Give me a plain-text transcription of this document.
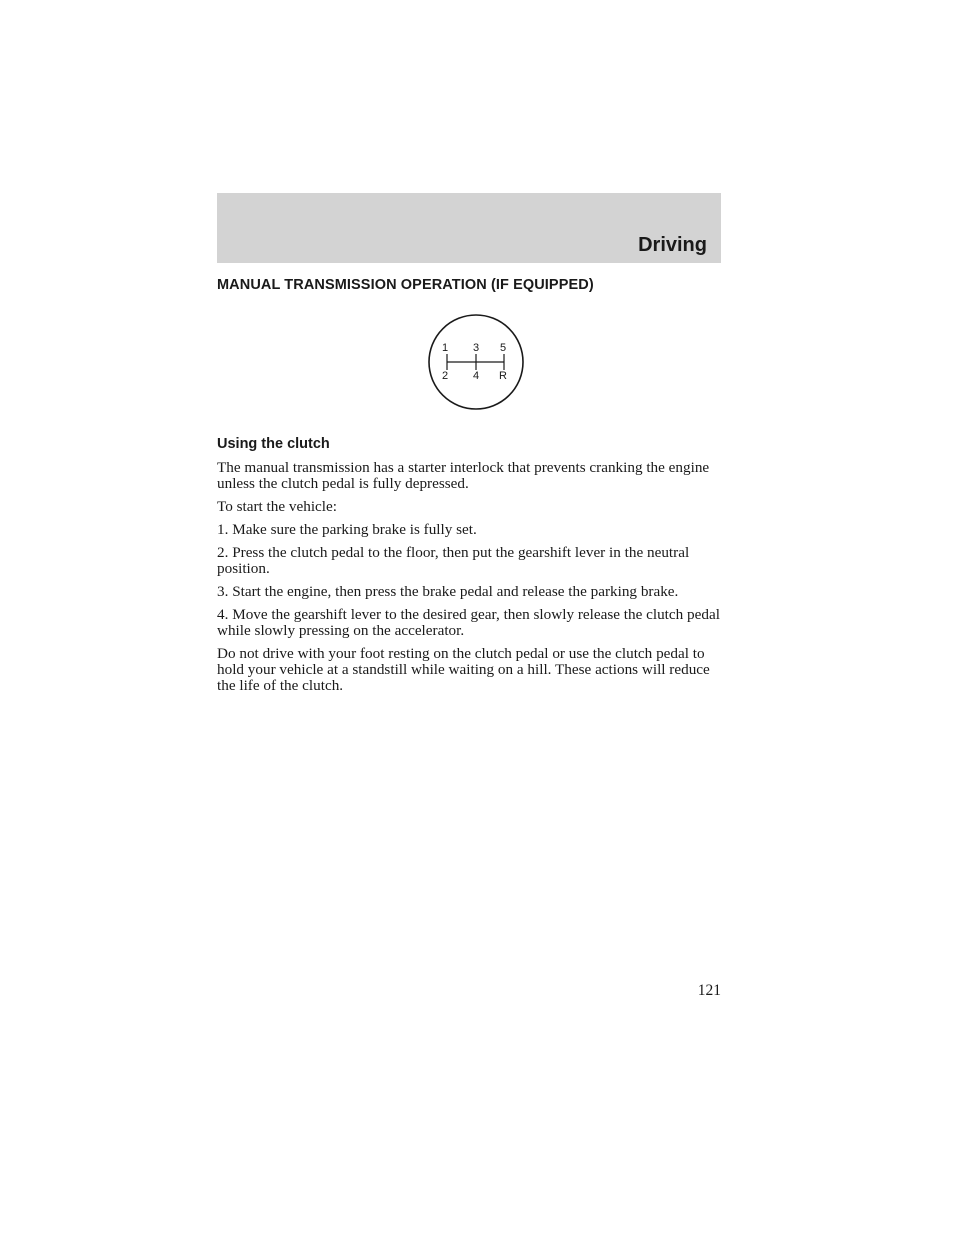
Driving
MANUAL TRANSMISSION OPERATION (IF EQUIPPED)
1 3 5
2 4 R
Using the clutch

The manual transmission has a starter interlock that prevents cranking the engine unless the clutch pedal is fully depressed.

To start the vehicle:

1. Make sure the parking brake is fully set.

2. Press the clutch pedal to the floor, then put the gearshift lever in the neutral position.

3. Start the engine, then press the brake pedal and release the parking brake.

4. Move the gearshift lever to the desired gear, then slowly release the clutch pedal while slowly pressing on the accelerator.

Do not drive with your foot resting on the clutch pedal or use the clutch pedal to hold your vehicle at a standstill while waiting on a hill. These actions will reduce the life of the clutch.

121
